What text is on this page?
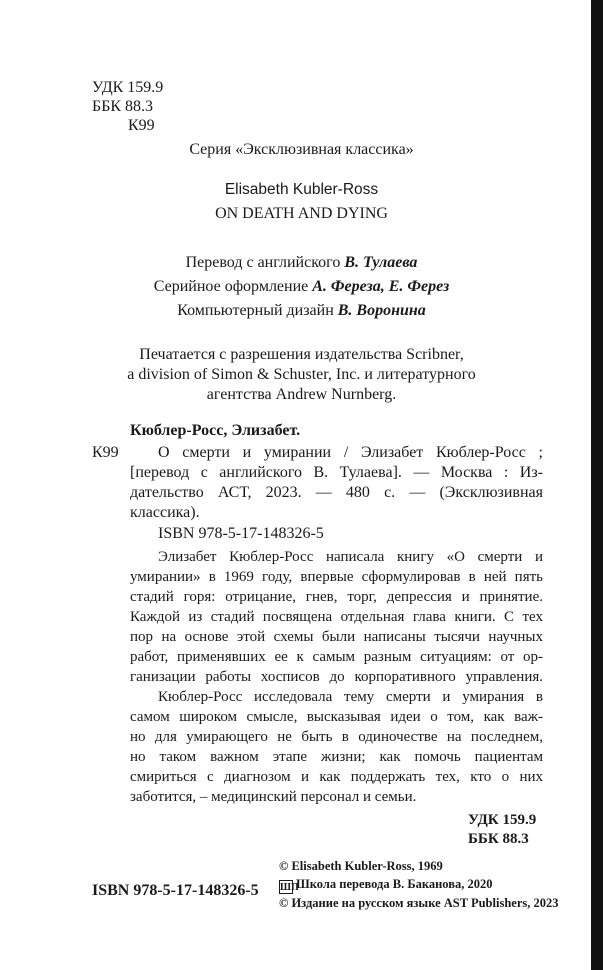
УДК 159.9
ББК 88.3
К99
Серия «Эксклюзивная классика»
Elisabeth Kubler-Ross
ON DEATH AND DYING
Перевод с английского В. Тулаева
Серийное оформление А. Фереза, Е. Ферез
Компьютерный дизайн В. Воронина
Печатается с разрешения издательства Scribner,
a division of Simon & Schuster, Inc. и литературного
агентства Andrew Nurnberg.
Кюблер-Росс, Элизабет.
К99 О смерти и умирании / Элизабет Кюблер-Росс ;
[перевод с английского В. Тулаева]. — Москва : Из-
дательство АСТ, 2023. — 480 с. — (Эксклюзивная
классика).
ISBN 978-5-17-148326-5
Элизабет Кюблер-Росс написала книгу «О смерти и
умирании» в 1969 году, впервые сформулировав в ней пять
стадий горя: отрицание, гнев, торг, депрессия и принятие.
Каждой из стадий посвящена отдельная глава книги. С тех
пор на основе этой схемы были написаны тысячи научных
работ, применявших ее к самым разным ситуациям: от ор-
ганизации работы хосписов до корпоративного управления.
Кюблер-Росс исследовала тему смерти и умирания в
самом широком смысле, высказывая идеи о том, как важ-
но для умирающего не быть в одиночестве на последнем,
но таком важном этапе жизни; как помочь пациентам
смириться с диагнозом и как поддержать тех, кто о них
заботится, – медицинский персонал и семьи.
УДК 159.9
ББК 88.3
ISBN 978-5-17-148326-5
© Elisabeth Kubler-Ross, 1969
ШПШкола перевода В. Баканова, 2020
© Издание на русском языке AST Publishers, 2023
